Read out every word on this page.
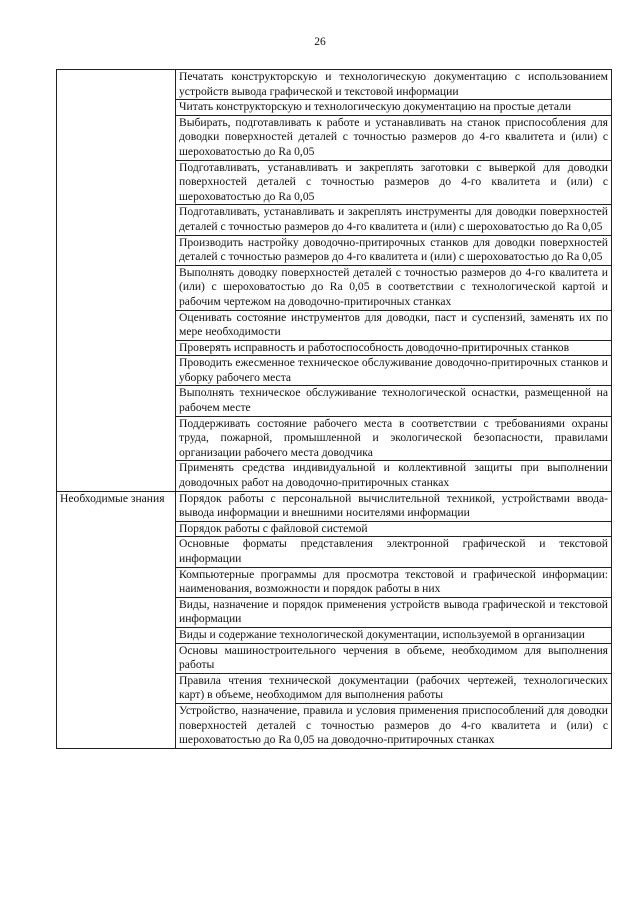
26
	Печатать конструкторскую и технологическую документацию с использованием устройств вывода графической и текстовой информации
	Читать конструкторскую и технологическую документацию на простые детали
	Выбирать, подготавливать к работе и устанавливать на станок приспособления для доводки поверхностей деталей с точностью размеров до 4-го квалитета и (или) с шероховатостью до Ra 0,05
	Подготавливать, устанавливать и закреплять заготовки с выверкой для доводки поверхностей деталей с точностью размеров до 4-го квалитета и (или) с шероховатостью до Ra 0,05
	Подготавливать, устанавливать и закреплять инструменты для доводки поверхностей деталей с точностью размеров до 4-го квалитета и (или) с шероховатостью до Ra 0,05
	Производить настройку доводочно-притирочных станков для доводки поверхностей деталей с точностью размеров до 4-го квалитета и (или) с шероховатостью до Ra 0,05
	Выполнять доводку поверхностей деталей с точностью размеров до 4-го квалитета и (или) с шероховатостью до Ra 0,05 в соответствии с технологической картой и рабочим чертежом на доводочно-притирочных станках
	Оценивать состояние инструментов для доводки, паст и суспензий, заменять их по мере необходимости
	Проверять исправность и работоспособность доводочно-притирочных станков
	Проводить ежесменное техническое обслуживание доводочно-притирочных станков и уборку рабочего места
	Выполнять техническое обслуживание технологической оснастки, размещенной на рабочем месте
	Поддерживать состояние рабочего места в соответствии с требованиями охраны труда, пожарной, промышленной и экологической безопасности, правилами организации рабочего места доводчика
	Применять средства индивидуальной и коллективной защиты при выполнении доводочных работ на доводочно-притирочных станках
Необходимые знания	Порядок работы с персональной вычислительной техникой, устройствами ввода-вывода информации и внешними носителями информации
	Порядок работы с файловой системой
	Основные форматы представления электронной графической и текстовой информации
	Компьютерные программы для просмотра текстовой и графической информации: наименования, возможности и порядок работы в них
	Виды, назначение и порядок применения устройств вывода графической и текстовой информации
	Виды и содержание технологической документации, используемой в организации
	Основы машиностроительного черчения в объеме, необходимом для выполнения работы
	Правила чтения технической документации (рабочих чертежей, технологических карт) в объеме, необходимом для выполнения работы
	Устройство, назначение, правила и условия применения приспособлений для доводки поверхностей деталей с точностью размеров до 4-го квалитета и (или) с шероховатостью до Ra 0,05 на доводочно-притирочных станках
